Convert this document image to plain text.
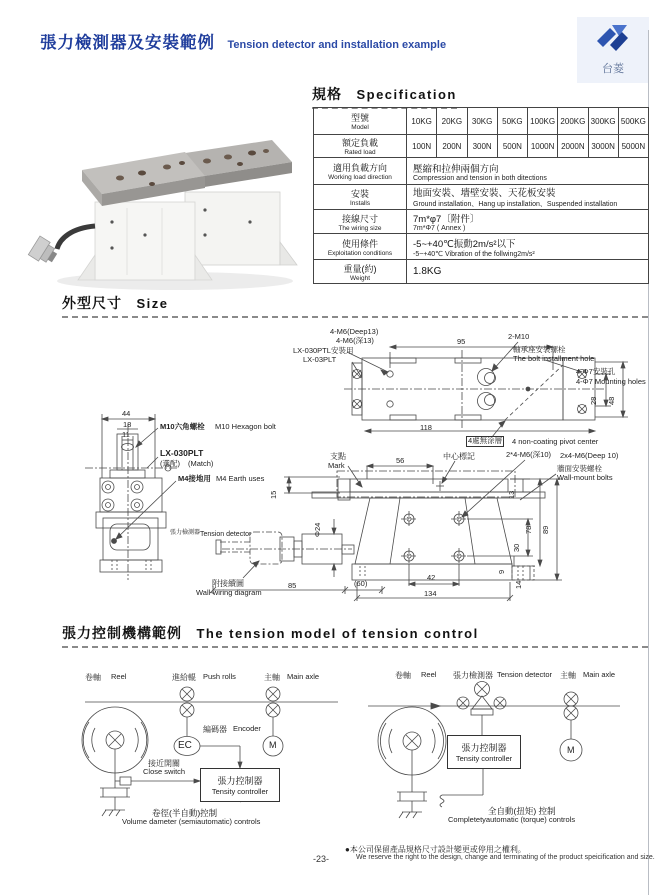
張力檢測器及安裝範例 Tension detector and installation example
台菱
規格 Specification
型號
Model	10KG	20KG	30KG	50KG	100KG	200KG	300KG	500KG

額定負載
Rated load	100N	200N	300N	500N	1000N	2000N	3000N	5000N

適用負載方向
Working load direction

壓縮和拉伸兩個方向
Compression and tension in both ditections

安裝
Installs

地面安裝、墻壁安裝、天花板安裝
Ground installation、Hang up installation、Suspended installation

接線尺寸
The wiring size

7m*φ7〔附件〕
7m*Φ7 ( Annex )

使用條件
Exploitation conditions

-5~+40℃振動2m/s²以下
-5~+40℃ Vibration of the follwing2m/s²

重量(約)
Weight	1.8KG							
外型尺寸 Size
4-M6(Deep13)
4-M6(深13)
LX-030PTL安裝用
LX-03PLT
95
2-M10
軸承座安裝螺栓
The bolt installment hole
4-Φ7安裝孔
4-Φ7 Mounting holes
28 48
118
4處無涂層 4 non-coating pivot center
44
18
11
M10六角螺栓 M10 Hexagon bolt
LX-030PLT
(選配) (Match)
M4接地用 M4 Earth uses
張力檢測器 Tension detector
附接續圖
Wall-wiring diagram
支點
Mark
56	中心標記	2*4-M6(深10) 2x4-M6(Deep 10)
牆面安裝螺栓
Wall-mount bolts
15
Φ24
13
78 89
30
9
14
42
85	(60)
134
張力控制機構範例 The tension model of tension control
卷軸 Reel	進給輥 Push rolls	主軸 Main axle
編碼器 Encoder
EC	M
接近開關
Close switch
張力控制器
Tensity controller
卷徑(半自動)控制
Volume dameter (semiautomatic) controls
卷軸 Reel 張力檢測器 Tension detector 主軸 Main axle
M
張力控制器
Tensity controller
全自動(扭矩) 控制
Completetyautomatic (torque) controls
-23-
●本公司保留產品規格尺寸設計變更或停用之權利。
We reserve the right to the design, change and terminating of the product speicification and size.
